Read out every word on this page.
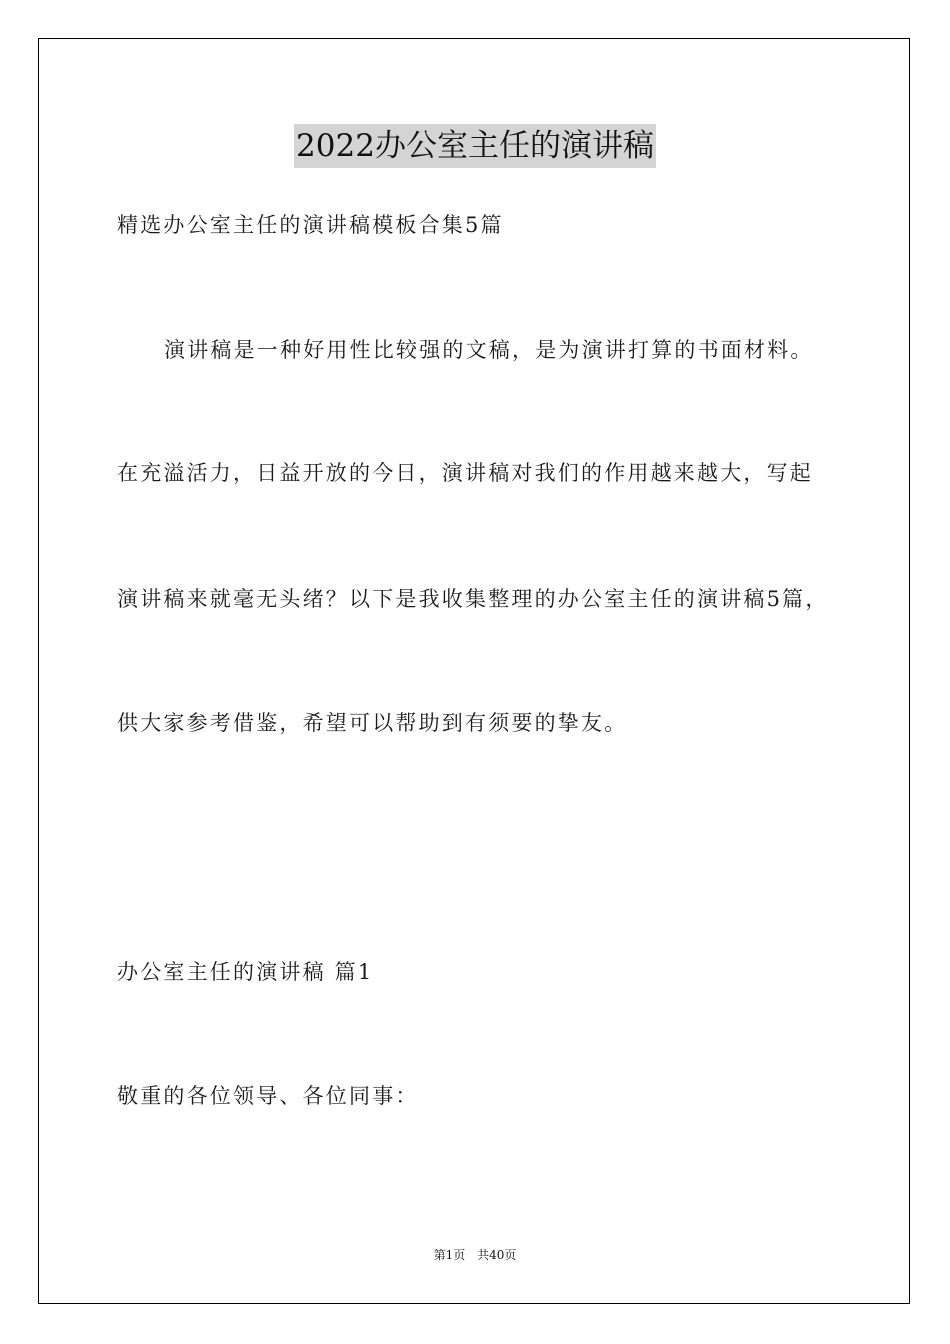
2022办公室主任的演讲稿
精选办公室主任的演讲稿模板合集5篇
演讲稿是一种好用性比较强的文稿，是为演讲打算的书面材料。
在充溢活力，日益开放的今日，演讲稿对我们的作用越来越大，写起
演讲稿来就毫无头绪？以下是我收集整理的办公室主任的演讲稿5篇，
供大家参考借鉴，希望可以帮助到有须要的挚友。
办公室主任的演讲稿 篇1
敬重的各位领导、各位同事：
第1页 共40页
